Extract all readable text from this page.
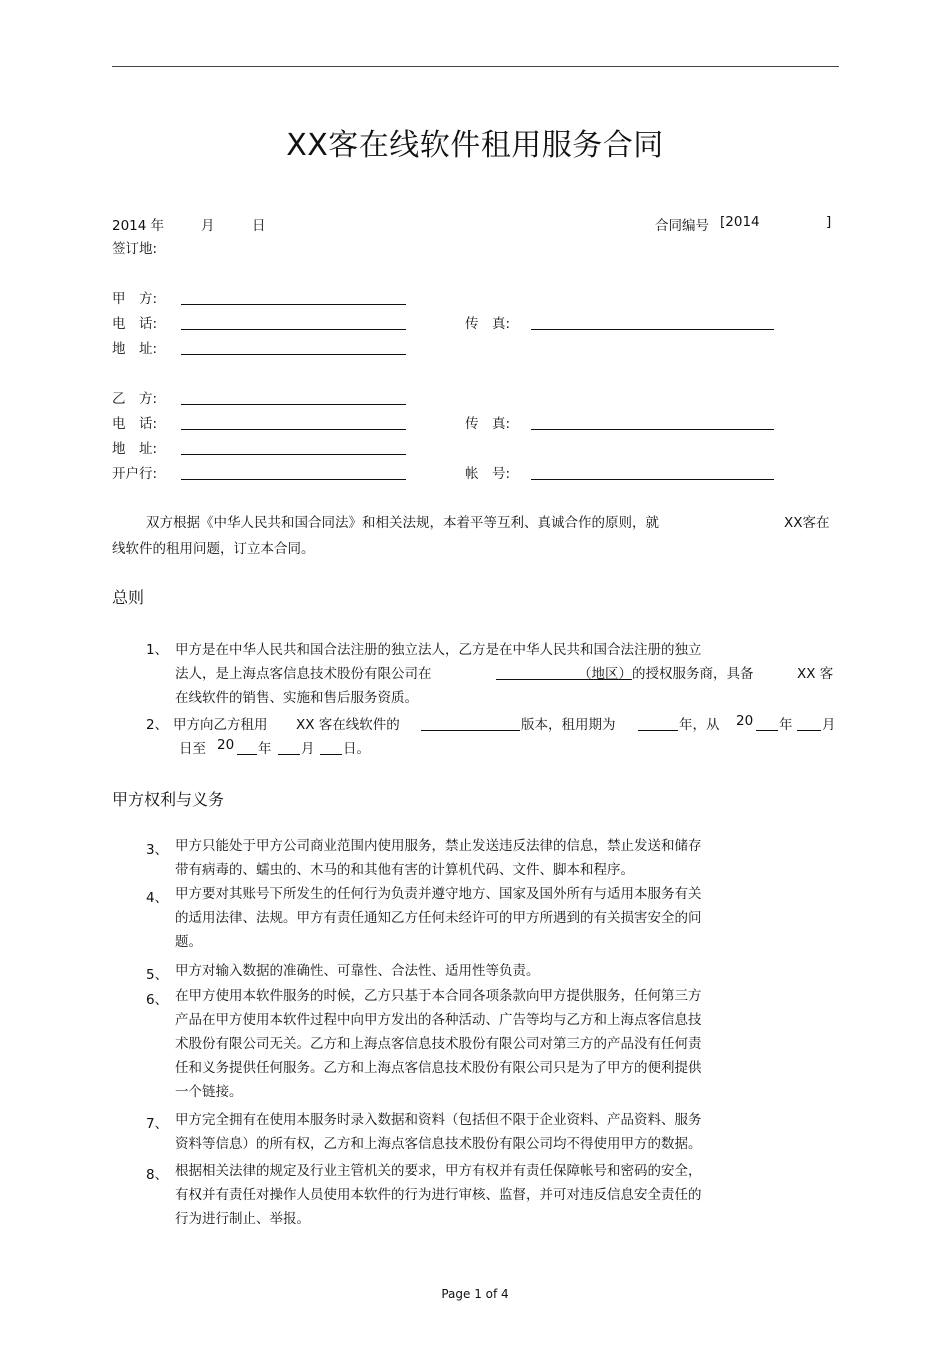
XX客在线软件租用服务合同
2014 年	月	日	合同编号 [2014	]
签订地:
甲　方:
电　话:	传　真:
地　址:
乙　方:
电　话:	传　真:
地　址:
开户行:	帐　号:
双方根据《中华人民共和国合同法》和相关法规，本着平等互利、真诚合作的原则，就	XX客在
线软件的租用问题，订立本合同。
总则
1、 甲方是在中华人民共和国合法注册的独立法人，乙方是在中华人民共和国合法注册的独立
法人，是上海点客信息技术股份有限公司在	（地区） 的授权服务商，具备	XX 客
在线软件的销售、实施和售后服务资质。
2、 甲方向乙方租用 XX 客在线软件的	版本，租用期为	年，从 20 年 月
日至 20 年 月 日。
甲方权利与义务
3、 甲方只能处于甲方公司商业范围内使用服务，禁止发送违反法律的信息，禁止发送和储存
带有病毒的、蠕虫的、木马的和其他有害的计算机代码、文件、脚本和程序。
4、 甲方要对其账号下所发生的任何行为负责并遵守地方、国家及国外所有与适用本服务有关
的适用法律、法规。甲方有责任通知乙方任何未经许可的甲方所遇到的有关损害安全的问
题。
5、 甲方对输入数据的准确性、可靠性、合法性、适用性等负责。
6、 在甲方使用本软件服务的时候，乙方只基于本合同各项条款向甲方提供服务，任何第三方
产品在甲方使用本软件过程中向甲方发出的各种活动、广告等均与乙方和上海点客信息技
术股份有限公司无关。乙方和上海点客信息技术股份有限公司对第三方的产品没有任何责
任和义务提供任何服务。乙方和上海点客信息技术股份有限公司只是为了甲方的便利提供
一个链接。
7、 甲方完全拥有在使用本服务时录入数据和资料（包括但不限于企业资料、产品资料、服务
资料等信息）的所有权，乙方和上海点客信息技术股份有限公司均不得使用甲方的数据。
8、 根据相关法律的规定及行业主管机关的要求，甲方有权并有责任保障帐号和密码的安全，
有权并有责任对操作人员使用本软件的行为进行审核、监督，并可对违反信息安全责任的
行为进行制止、举报。
Page 1 of 4
